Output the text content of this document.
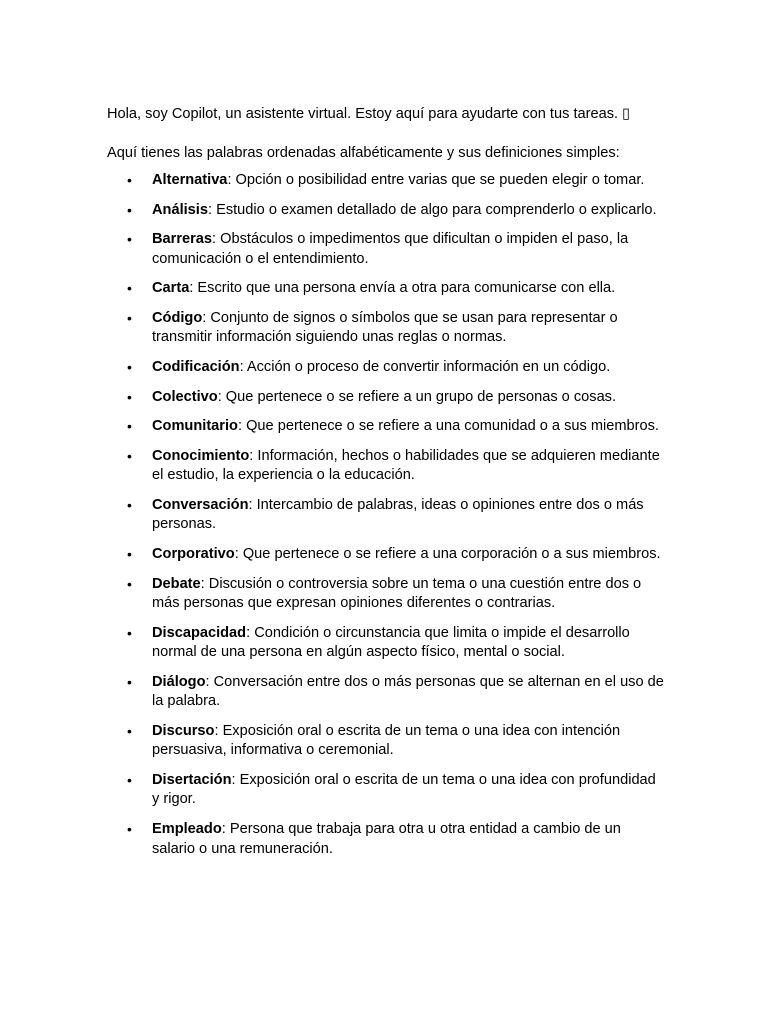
Hola, soy Copilot, un asistente virtual. Estoy aquí para ayudarte con tus tareas. ▯

Aquí tienes las palabras ordenadas alfabéticamente y sus definiciones simples:

• Alternativa: Opción o posibilidad entre varias que se pueden elegir o tomar.
• Análisis: Estudio o examen detallado de algo para comprenderlo o explicarlo.
• Barreras: Obstáculos o impedimentos que dificultan o impiden el paso, la comunicación o el entendimiento.
• Carta: Escrito que una persona envía a otra para comunicarse con ella.
• Código: Conjunto de signos o símbolos que se usan para representar o transmitir información siguiendo unas reglas o normas.
• Codificación: Acción o proceso de convertir información en un código.
• Colectivo: Que pertenece o se refiere a un grupo de personas o cosas.
• Comunitario: Que pertenece o se refiere a una comunidad o a sus miembros.
• Conocimiento: Información, hechos o habilidades que se adquieren mediante el estudio, la experiencia o la educación.
• Conversación: Intercambio de palabras, ideas o opiniones entre dos o más personas.
• Corporativo: Que pertenece o se refiere a una corporación o a sus miembros.
• Debate: Discusión o controversia sobre un tema o una cuestión entre dos o más personas que expresan opiniones diferentes o contrarias.
• Discapacidad: Condición o circunstancia que limita o impide el desarrollo normal de una persona en algún aspecto físico, mental o social.
• Diálogo: Conversación entre dos o más personas que se alternan en el uso de la palabra.
• Discurso: Exposición oral o escrita de un tema o una idea con intención persuasiva, informativa o ceremonial.
• Disertación: Exposición oral o escrita de un tema o una idea con profundidad y rigor.
• Empleado: Persona que trabaja para otra u otra entidad a cambio de un salario o una remuneración.
